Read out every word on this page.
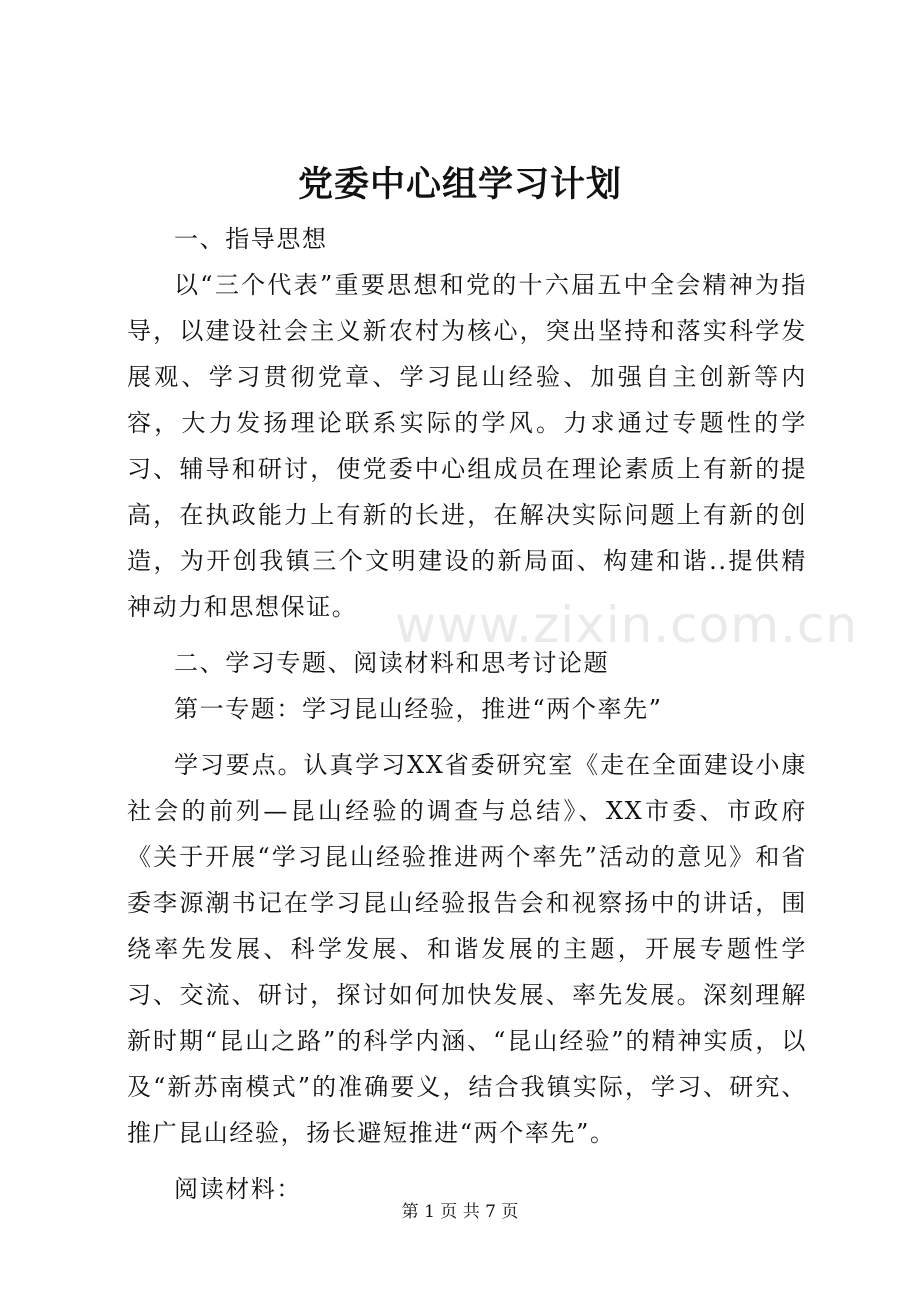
www.zixin.com.cn
党委中心组学习计划

一、指导思想

以“三个代表”重要思想和党的十六届五中全会精神为指导，以建设社会主义新农村为核心，突出坚持和落实科学发展观、学习贯彻党章、学习昆山经验、加强自主创新等内容，大力发扬理论联系实际的学风。力求通过专题性的学习、辅导和研讨，使党委中心组成员在理论素质上有新的提高，在执政能力上有新的长进，在解决实际问题上有新的创造，为开创我镇三个文明建设的新局面、构建和谐..提供精神动力和思想保证。

二、学习专题、阅读材料和思考讨论题

第一专题：学习昆山经验，推进“两个率先”

学习要点。认真学习XX省委研究室《走在全面建设小康社会的前列—昆山经验的调查与总结》、XX市委、市政府《关于开展“学习昆山经验推进两个率先”活动的意见》和省委李源潮书记在学习昆山经验报告会和视察扬中的讲话，围绕率先发展、科学发展、和谐发展的主题，开展专题性学习、交流、研讨，探讨如何加快发展、率先发展。深刻理解新时期“昆山之路”的科学内涵、“昆山经验”的精神实质，以及“新苏南模式”的准确要义，结合我镇实际，学习、研究、推广昆山经验，扬长避短推进“两个率先”。

阅读材料：

第 1 页 共 7 页
